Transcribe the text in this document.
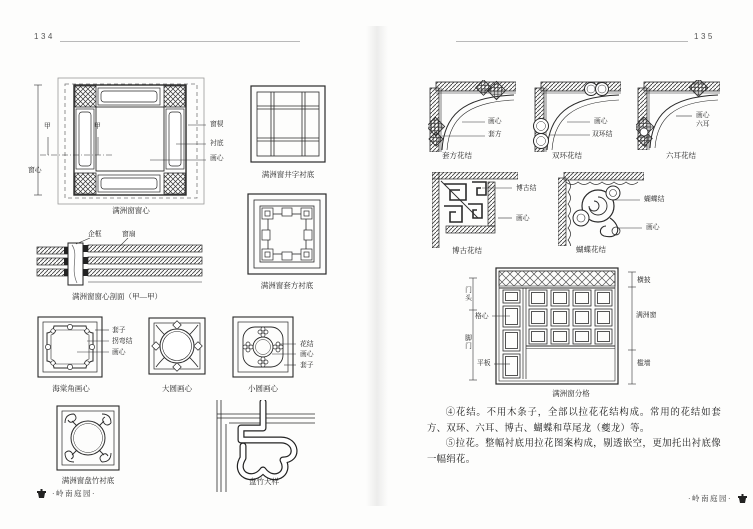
134
甲	甲
窗心
窗棂
衬底
画心
满洲窗窗心
企框	窗扇
满洲窗窗心剖面（甲—甲）
满洲窗井字衬底
满洲窗套方衬底
套子
拐弯结
画心
海棠角画心	大圆画心
花结
画心
套子
小圆画心
满洲窗盘竹衬底	盘竹大样
·岭南庭园·
135
画心
套方
套方花结
画心
双环结
双环花结
画心
六耳
六耳花结
博古结
画心
博古花结
蝴蝶结
画心
蝴蝶花结
门头
格心
脚门
平板
横披
满洲窗
槛墙
满洲窗分格

④花结。不用木条子，全部以拉花花结构成。常用的花结如套方、双环、六耳、博古、蝴蝶和草尾龙（夔龙）等。

⑤拉花。整幅衬底用拉花图案构成，剔透嵌空，更加托出衬底像一幅绢花。

·岭南庭园·
